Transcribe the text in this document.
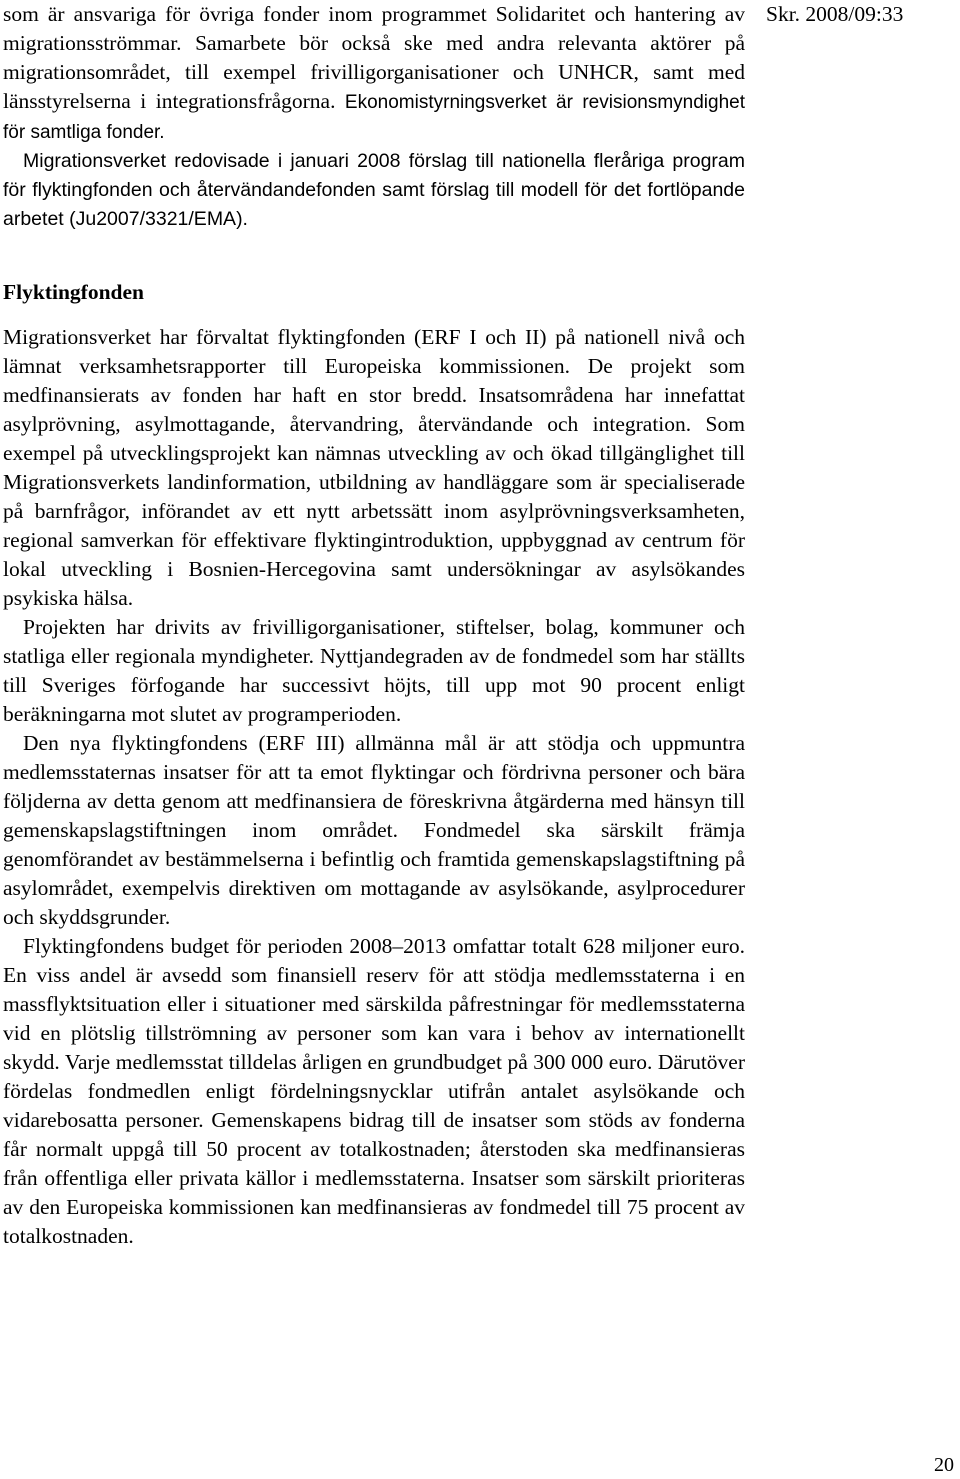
Skr. 2008/09:33

som är ansvariga för övriga fonder inom programmet Solidaritet och hantering av migrationsströmmar. Samarbete bör också ske med andra relevanta aktörer på migrationsområdet, till exempel frivilligorganisationer och UNHCR, samt med länsstyrelserna i integrationsfrågorna. Ekonomistyrningsverket är revisionsmyndighet för samtliga fonder.

Migrationsverket redovisade i januari 2008 förslag till nationella fleråriga program för flyktingfonden och återvändandefonden samt förslag till modell för det fortlöpande arbetet (Ju2007/3321/EMA).

Flyktingfonden

Migrationsverket har förvaltat flyktingfonden (ERF I och II) på nationell nivå och lämnat verksamhetsrapporter till Europeiska kommissionen. De projekt som medfinansierats av fonden har haft en stor bredd. Insatsområdena har innefattat asylprövning, asylmottagande, återvandring, återvändande och integration. Som exempel på utvecklingsprojekt kan nämnas utveckling av och ökad tillgänglighet till Migrationsverkets landinformation, utbildning av handläggare som är specialiserade på barnfrågor, införandet av ett nytt arbetssätt inom asylprövningsverksamheten, regional samverkan för effektivare flyktingintroduktion, uppbyggnad av centrum för lokal utveckling i Bosnien-Hercegovina samt undersökningar av asylsökandes psykiska hälsa.

Projekten har drivits av frivilligorganisationer, stiftelser, bolag, kommuner och statliga eller regionala myndigheter. Nyttjandegraden av de fondmedel som har ställts till Sveriges förfogande har successivt höjts, till upp mot 90 procent enligt beräkningarna mot slutet av programperioden.

Den nya flyktingfondens (ERF III) allmänna mål är att stödja och uppmuntra medlemsstaternas insatser för att ta emot flyktingar och fördrivna personer och bära följderna av detta genom att medfinansiera de föreskrivna åtgärderna med hänsyn till gemenskapslagstiftningen inom området. Fondmedel ska särskilt främja genomförandet av bestämmelserna i befintlig och framtida gemenskapslagstiftning på asylområdet, exempelvis direktiven om mottagande av asylsökande, asylprocedurer och skyddsgrunder.

Flyktingfondens budget för perioden 2008–2013 omfattar totalt 628 miljoner euro. En viss andel är avsedd som finansiell reserv för att stödja medlemsstaterna i en massflyktsituation eller i situationer med särskilda påfrestningar för medlemsstaterna vid en plötslig tillströmning av personer som kan vara i behov av internationellt skydd. Varje medlemsstat tilldelas årligen en grundbudget på 300 000 euro. Därutöver fördelas fondmedlen enligt fördelningsnycklar utifrån antalet asylsökande och vidarebosatta personer. Gemenskapens bidrag till de insatser som stöds av fonderna får normalt uppgå till 50 procent av totalkostnaden; återstoden ska medfinansieras från offentliga eller privata källor i medlemsstaterna. Insatser som särskilt prioriteras av den Europeiska kommissionen kan medfinansieras av fondmedel till 75 procent av totalkostnaden.

20
